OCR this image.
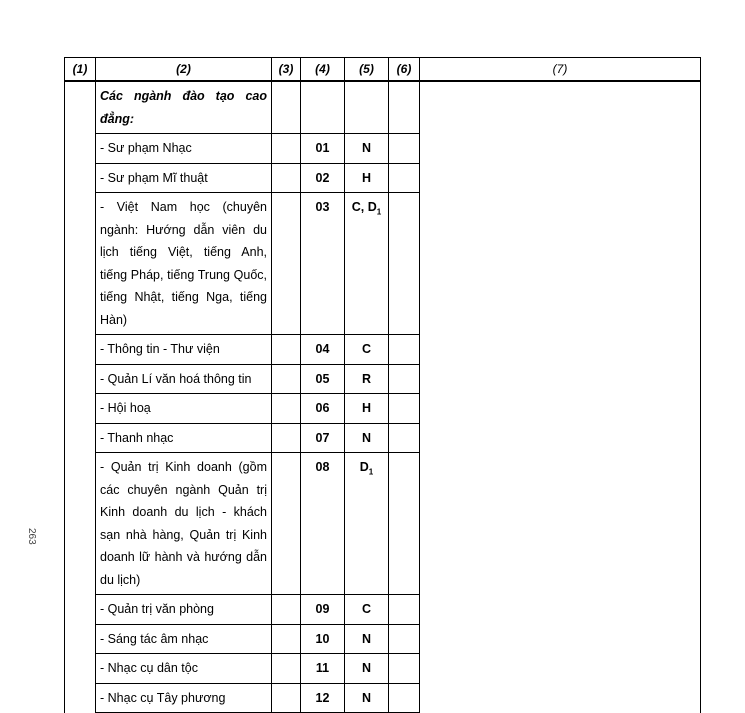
(1)	(2)	(3)	(4)	(5)	(6)	(7)
	Các ngành đào tạo cao đẳng:					
	- Sư phạm Nhạc		01	N		
	- Sư phạm Mĩ thuật		02	H		
	- Việt Nam học (chuyên ngành: Hướng dẫn viên du lịch tiếng Việt, tiếng Anh, tiếng Pháp, tiếng Trung Quốc, tiếng Nhật, tiếng Nga, tiếng Hàn)		03	C, $D_1$	
	- Thông tin - Thư viện		04	C		
	- Quản Lí văn hoá thông tin		05	R		
	- Hội hoạ		06	H		
	- Thanh nhạc		07	N		
	- Quản trị Kinh doanh (gồm các chuyên ngành Quản trị Kinh doanh du lịch - khách sạn nhà hàng, Quản trị Kinh doanh lữ hành và hướng dẫn du lịch)		08	$D_1$	
	- Quản trị văn phòng		09	C		
	- Sáng tác âm nhạc		10	N		
	- Nhạc cụ dân tộc		11	N		
	- Nhạc cụ Tây phương		12	N		
263
